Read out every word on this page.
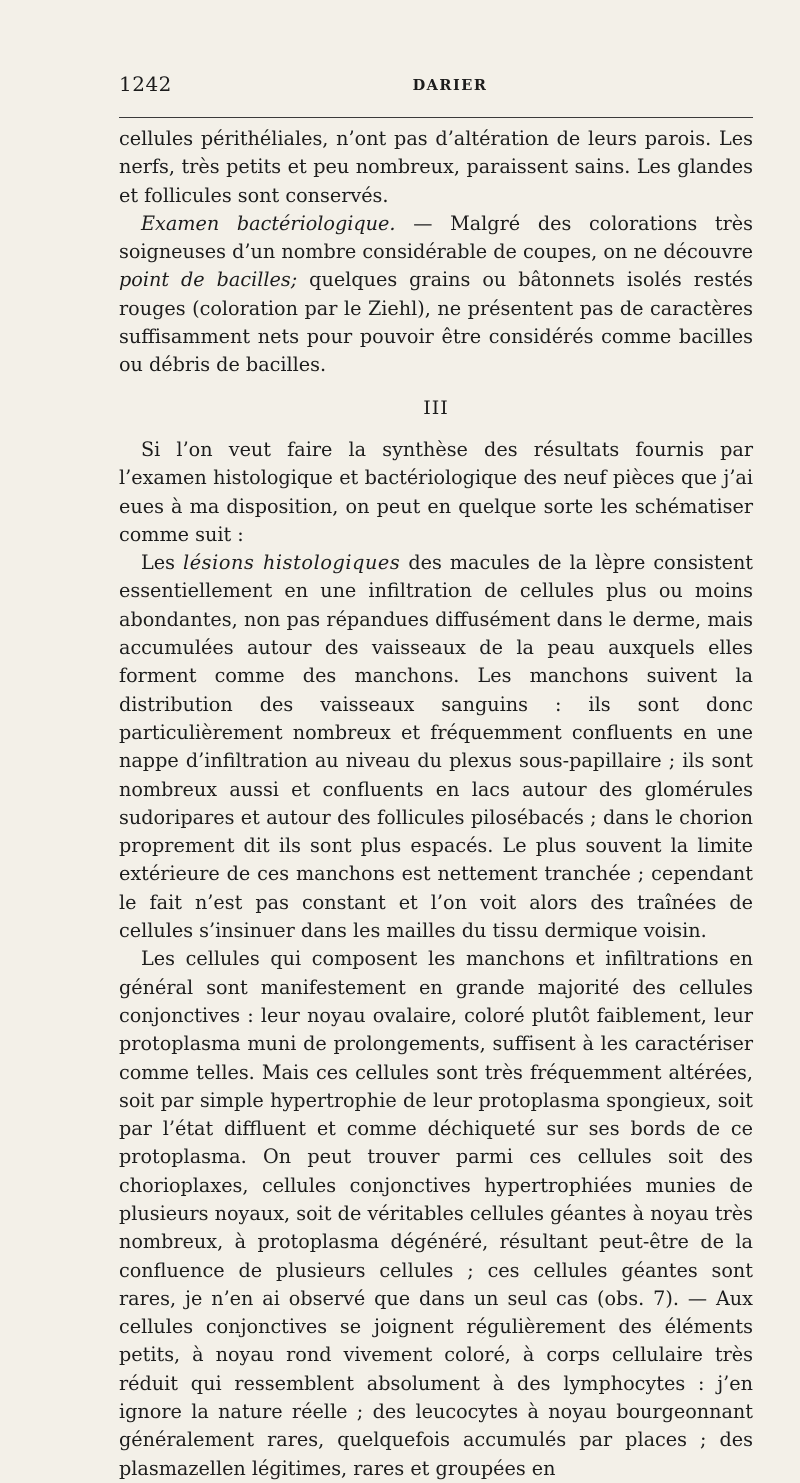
1242	DARIER

cellules périthéliales, n’ont pas d’altération de leurs parois. Les nerfs, très petits et peu nombreux, paraissent sains. Les glandes et follicules sont conservés.

Examen bactériologique. — Malgré des colorations très soigneuses d’un nombre considérable de coupes, on ne découvre point de bacilles; quelques grains ou bâtonnets isolés restés rouges (coloration par le Ziehl), ne présentent pas de caractères suffisamment nets pour pouvoir être considérés comme bacilles ou débris de bacilles.

III

Si l’on veut faire la synthèse des résultats fournis par l’examen histologique et bactériologique des neuf pièces que j’ai eues à ma disposition, on peut en quelque sorte les schématiser comme suit :

Les lésions histologiques des macules de la lèpre consistent essentiellement en une infiltration de cellules plus ou moins abondantes, non pas répandues diffusément dans le derme, mais accumulées autour des vaisseaux de la peau auxquels elles forment comme des manchons. Les manchons suivent la distribution des vaisseaux sanguins : ils sont donc particulièrement nombreux et fréquemment confluents en une nappe d’infiltration au niveau du plexus sous-papillaire ; ils sont nombreux aussi et confluents en lacs autour des glomérules sudoripares et autour des follicules pilosébacés ; dans le chorion proprement dit ils sont plus espacés. Le plus souvent la limite extérieure de ces manchons est nettement tranchée ; cependant le fait n’est pas constant et l’on voit alors des traînées de cellules s’insinuer dans les mailles du tissu dermique voisin.

Les cellules qui composent les manchons et infiltrations en général sont manifestement en grande majorité des cellules conjonctives : leur noyau ovalaire, coloré plutôt faiblement, leur protoplasma muni de prolongements, suffisent à les caractériser comme telles. Mais ces cellules sont très fréquemment altérées, soit par simple hypertrophie de leur protoplasma spongieux, soit par l’état diffluent et comme déchiqueté sur ses bords de ce protoplasma. On peut trouver parmi ces cellules soit des chorioplaxes, cellules conjonctives hypertrophiées munies de plusieurs noyaux, soit de véritables cellules géantes à noyau très nombreux, à protoplasma dégénéré, résultant peut-être de la confluence de plusieurs cellules ; ces cellules géantes sont rares, je n’en ai observé que dans un seul cas (obs. 7). — Aux cellules conjonctives se joignent régulièrement des éléments petits, à noyau rond vivement coloré, à corps cellulaire très réduit qui ressemblent absolument à des lymphocytes : j’en ignore la nature réelle ; des leucocytes à noyau bourgeonnant généralement rares, quelquefois accumulés par places ; des plasmazellen légitimes, rares et groupées en
